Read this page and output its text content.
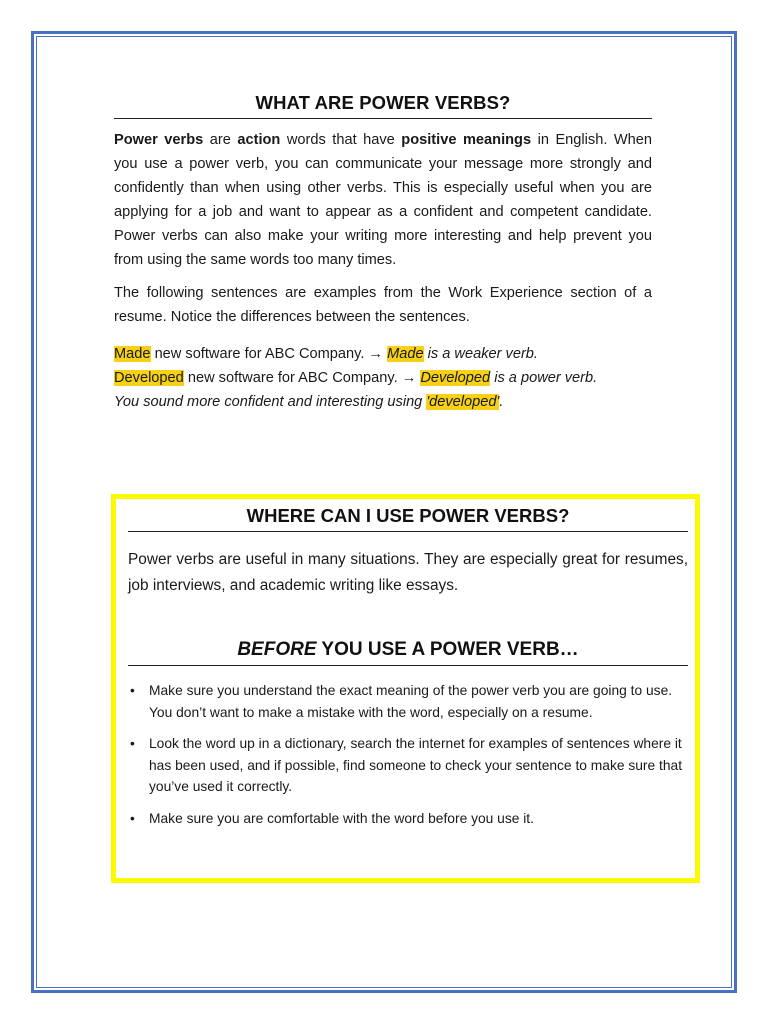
WHAT ARE POWER VERBS?

Power verbs are action words that have positive meanings in English. When you use a power verb, you can communicate your message more strongly and confidently than when using other verbs. This is especially useful when you are applying for a job and want to appear as a confident and competent candidate. Power verbs can also make your writing more interesting and help prevent you from using the same words too many times.

The following sentences are examples from the Work Experience section of a resume. Notice the differences between the sentences.

Made new software for ABC Company. → Made is a weaker verb.
Developed new software for ABC Company. → Developed is a power verb.
You sound more confident and interesting using 'developed'.
WHERE CAN I USE POWER VERBS?

Power verbs are useful in many situations. They are especially great for resumes, job interviews, and academic writing like essays.

BEFORE YOU USE A POWER VERB…
• Make sure you understand the exact meaning of the power verb you are going to use. You don’t want to make a mistake with the word, especially on a resume.
• Look the word up in a dictionary, search the internet for examples of sentences where it has been used, and if possible, find someone to check your sentence to make sure that you’ve used it correctly.
• Make sure you are comfortable with the word before you use it.
